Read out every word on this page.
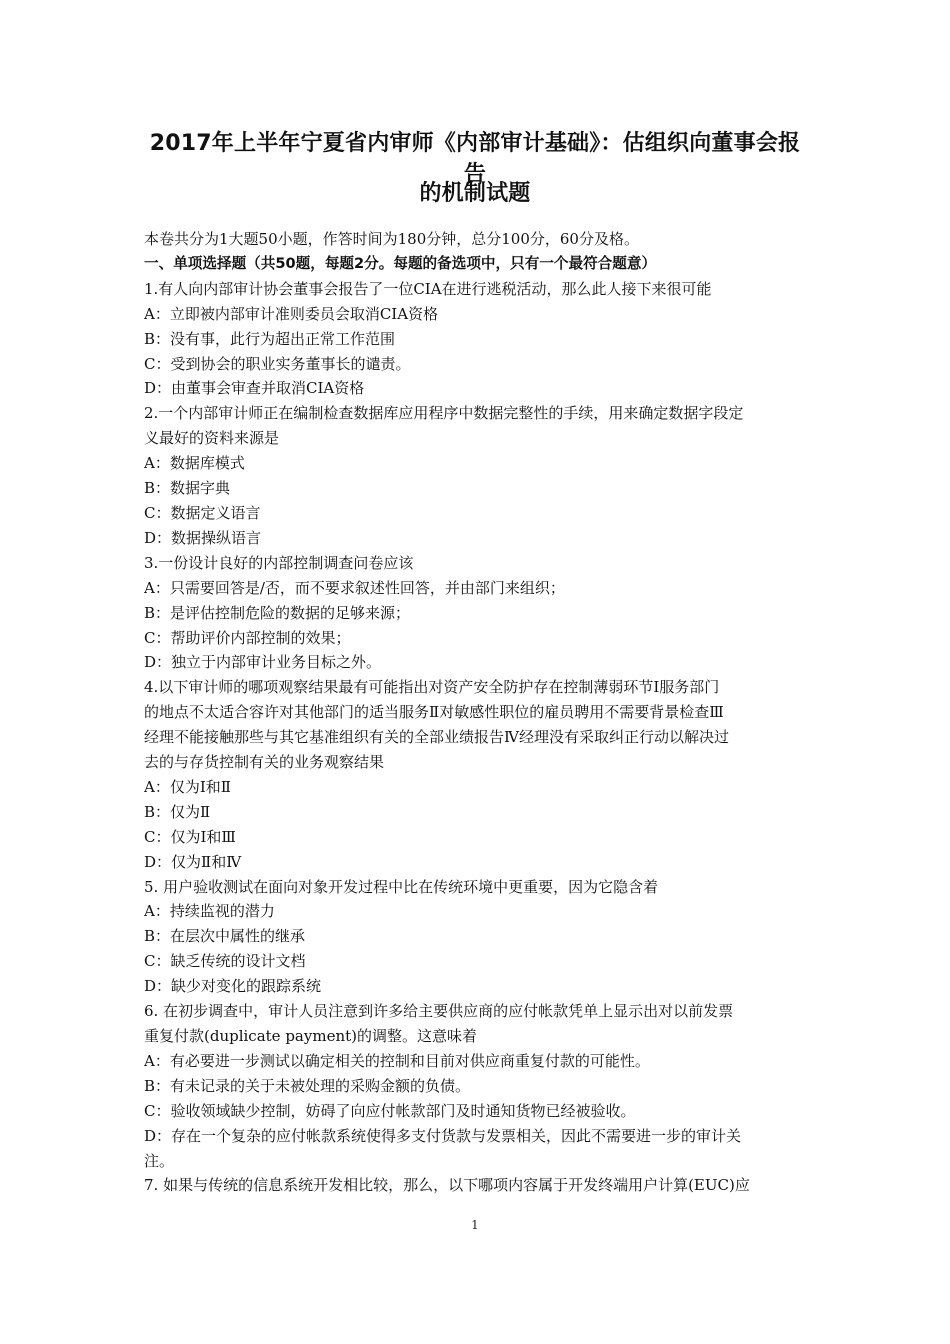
2017年上半年宁夏省内审师《内部审计基础》：估组织向董事会报告
的机制试题

本卷共分为1大题50小题，作答时间为180分钟，总分100分，60分及格。

一、单项选择题（共50题，每题2分。每题的备选项中，只有一个最符合题意）

1.有人向内部审计协会董事会报告了一位CIA在进行逃税活动，那么此人接下来很可能

A：立即被内部审计准则委员会取消CIA资格

B：没有事，此行为超出正常工作范围

C：受到协会的职业实务董事长的谴责。

D：由董事会审查并取消CIA资格

2.一个内部审计师正在编制检查数据库应用程序中数据完整性的手续，用来确定数据字段定

义最好的资料来源是

A：数据库模式

B：数据字典

C：数据定义语言

D：数据操纵语言

3.一份设计良好的内部控制调查问卷应该

A：只需要回答是/否，而不要求叙述性回答，并由部门来组织；

B：是评估控制危险的数据的足够来源；

C：帮助评价内部控制的效果；

D：独立于内部审计业务目标之外。

4.以下审计师的哪项观察结果最有可能指出对资产安全防护存在控制薄弱环节Ⅰ服务部门

的地点不太适合容许对其他部门的适当服务Ⅱ对敏感性职位的雇员聘用不需要背景检查Ⅲ

经理不能接触那些与其它基准组织有关的全部业绩报告Ⅳ经理没有采取纠正行动以解决过

去的与存货控制有关的业务观察结果

A：仅为Ⅰ和Ⅱ

B：仅为Ⅱ

C：仅为Ⅰ和Ⅲ

D：仅为Ⅱ和Ⅳ

5. 用户验收测试在面向对象开发过程中比在传统环境中更重要，因为它隐含着

A：持续监视的潜力

B：在层次中属性的继承

C：缺乏传统的设计文档

D：缺少对变化的跟踪系统

6. 在初步调查中，审计人员注意到许多给主要供应商的应付帐款凭单上显示出对以前发票

重复付款(duplicate payment)的调整。这意味着

A：有必要进一步测试以确定相关的控制和目前对供应商重复付款的可能性。

B：有未记录的关于未被处理的采购金额的负债。

C：验收领域缺少控制，妨碍了向应付帐款部门及时通知货物已经被验收。

D：存在一个复杂的应付帐款系统使得多支付货款与发票相关，因此不需要进一步的审计关

注。

7. 如果与传统的信息系统开发相比较，那么，以下哪项内容属于开发终端用户计算(EUC)应

1
